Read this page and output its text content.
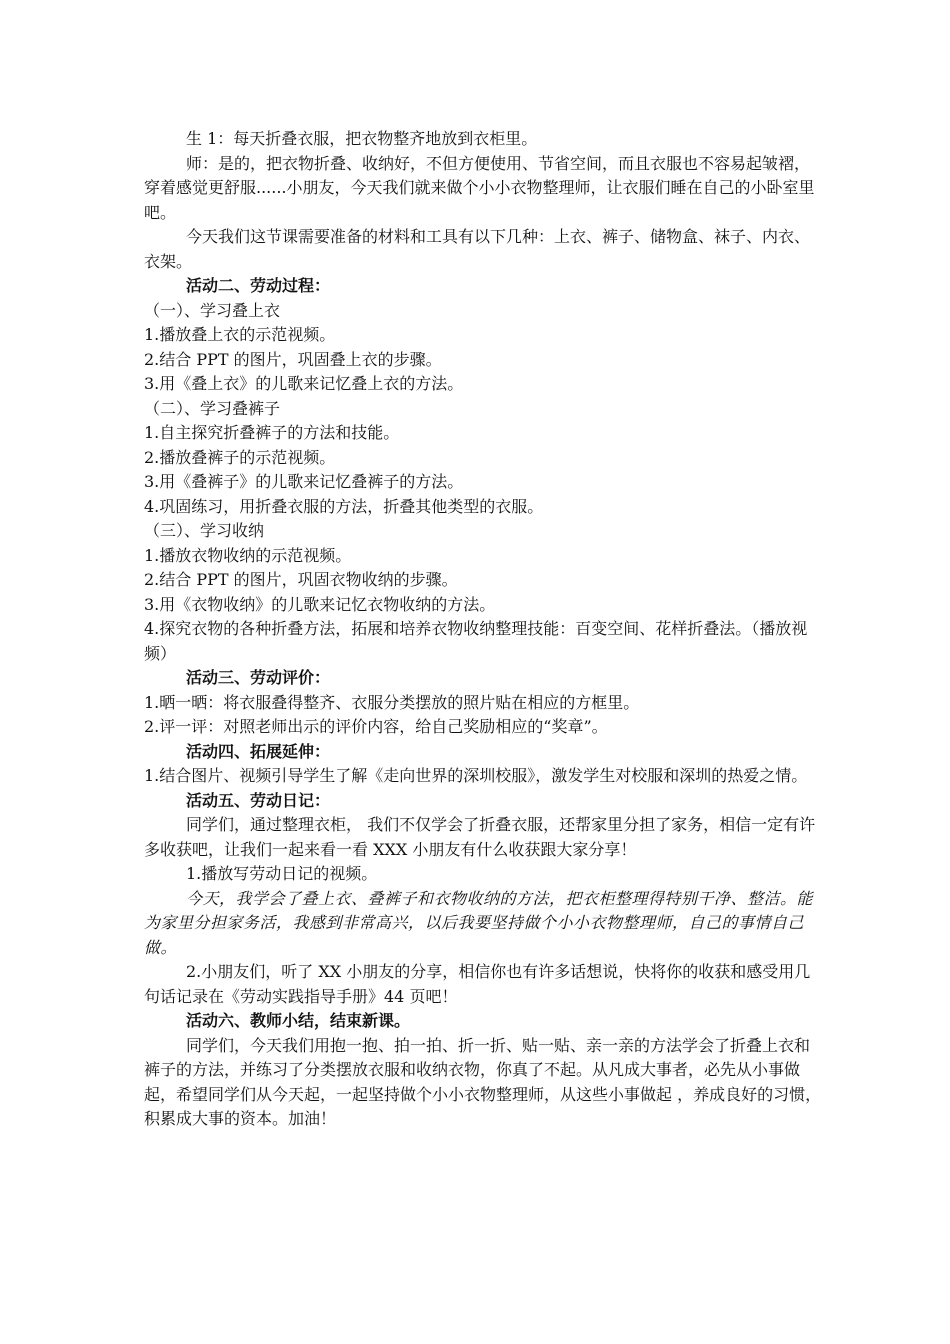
生 1：每天折叠衣服，把衣物整齐地放到衣柜里。

师：是的，把衣物折叠、收纳好，不但方便使用、节省空间，而且衣服也不容易起皱褶，穿着感觉更舒服......小朋友，今天我们就来做个小小衣物整理师，让衣服们睡在自己的小卧室里吧。

今天我们这节课需要准备的材料和工具有以下几种：上衣、裤子、储物盒、袜子、内衣、衣架。

活动二、劳动过程：

（一）、学习叠上衣

1.播放叠上衣的示范视频。

2.结合 PPT 的图片，巩固叠上衣的步骤。

3.用《叠上衣》的儿歌来记忆叠上衣的方法。

（二）、学习叠裤子

1.自主探究折叠裤子的方法和技能。

2.播放叠裤子的示范视频。

3.用《叠裤子》的儿歌来记忆叠裤子的方法。

4.巩固练习，用折叠衣服的方法，折叠其他类型的衣服。

（三）、学习收纳

1.播放衣物收纳的示范视频。

2.结合 PPT 的图片，巩固衣物收纳的步骤。

3.用《衣物收纳》的儿歌来记忆衣物收纳的方法。

4.探究衣物的各种折叠方法，拓展和培养衣物收纳整理技能：百变空间、花样折叠法。（播放视频）

活动三、劳动评价：

1.晒一晒：将衣服叠得整齐、衣服分类摆放的照片贴在相应的方框里。

2.评一评：对照老师出示的评价内容，给自己奖励相应的“奖章”。

活动四、拓展延伸：

1.结合图片、视频引导学生了解《走向世界的深圳校服》，激发学生对校服和深圳的热爱之情。

活动五、劳动日记：

同学们，通过整理衣柜， 我们不仅学会了折叠衣服，还帮家里分担了家务，相信一定有许多收获吧，让我们一起来看一看 XXX 小朋友有什么收获跟大家分享！

1.播放写劳动日记的视频。

今天，我学会了叠上衣、叠裤子和衣物收纳的方法，把衣柜整理得特别干净、整洁。能为家里分担家务活，我感到非常高兴，以后我要坚持做个小小衣物整理师，自己的事情自己做。

2.小朋友们，听了 XX 小朋友的分享，相信你也有许多话想说，快将你的收获和感受用几句话记录在《劳动实践指导手册》44 页吧！

活动六、教师小结，结束新课。

同学们，今天我们用抱一抱、拍一拍、折一折、贴一贴、亲一亲的方法学会了折叠上衣和裤子的方法，并练习了分类摆放衣服和收纳衣物，你真了不起。从凡成大事者，必先从小事做起，希望同学们从今天起，一起坚持做个小小衣物整理师，从这些小事做起 ，养成良好的习惯，积累成大事的资本。加油！
